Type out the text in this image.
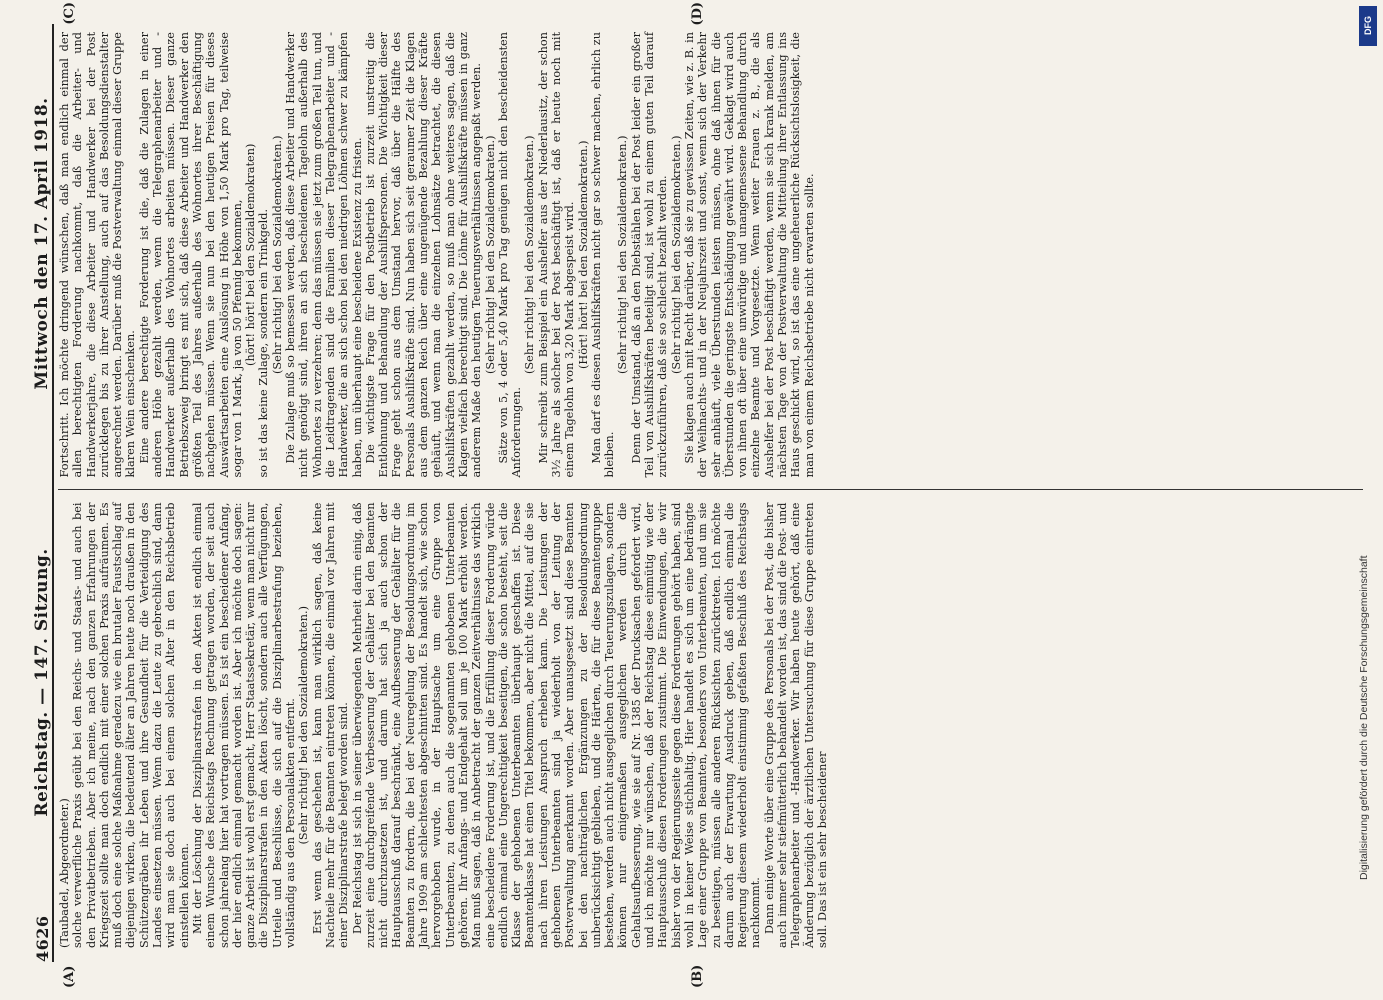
4626
Reichstag. — 147. Sitzung.
Mittwoch den 17. April 1918.
(A)	(B)
(C)	(D)

(Taubadel, Abgeordneter.) solche verwerfliche Praxis geübt bei den Reichs- und Staats- und auch bei den Privatbetrieben. Aber ich meine, nach den ganzen Erfahrungen der Kriegszeit sollte man doch endlich mit einer solchen Praxis aufräumen. Es muß doch eine solche Maßnahme geradezu wie ein brutaler Faustschlag auf diejenigen wirken, die bedeutend älter an Jahren heute noch draußen in den Schützengräben ihr Leben und ihre Gesundheit für die Verteidigung des Landes einsetzen müssen. Wenn dazu die Leute zu gebrechlich sind, dann wird man sie doch auch bei einem solchen Alter in den Reichsbetrieb einstellen können. Mit der Löschung der Disziplinarstrafen in den Akten ist endlich einmal einem Wunsche des Reichstags Rechnung getragen worden, der seit auch schon jahrelang hier hat vortragen müssen. Es ist ein bescheidener Anfang, der hier endlich einmal gemacht worden ist. Aber ich möchte doch sagen: ganze Arbeit ist wohl erst gemacht, Herr Staatssekretär, wenn man nicht nur die Disziplinarstrafen in den Akten löscht, sondern auch alle Verfügungen, Urteile und Beschlüsse, die sich auf die Disziplinarbestrafung beziehen, vollständig aus den Personalakten entfernt. (Sehr richtig! bei den Sozialdemokraten.) Erst wenn das geschehen ist, kann man wirklich sagen, daß keine Nachteile mehr für die Beamten eintreten können, die einmal vor Jahren mit einer Disziplinarstrafe belegt worden sind. Der Reichstag ist sich in seiner überwiegenden Mehrheit darin einig, daß zurzeit eine durchgreifende Verbesserung der Gehälter bei den Beamten nicht durchzusetzen ist, und darum hat sich ja auch schon der Hauptausschuß darauf beschränkt, eine Aufbesserung der Gehälter für die Beamten zu fordern, die bei der Neuregelung der Besoldungsordnung im Jahre 1909 am schlechtesten abgeschnitten sind. Es handelt sich, wie schon hervorgehoben wurde, in der Hauptsache um eine Gruppe von Unterbeamten, zu denen auch die sogenannten gehobenen Unterbeamten gehören. Ihr Anfangs- und Endgehalt soll um je 100 Mark erhöht werden. Man muß sagen, daß in Anbetracht der ganzen Zeitverhältnisse das wirklich eine bescheidene Forderung ist, und die Erfüllung dieser Forderung würde endlich einmal eine Ungerechtigkeit beseitigen, die schon besteht, seit die Klasse der gehobenen Unterbeamten überhaupt geschaffen ist. Diese Beamtenklasse hat einen Titel bekommen, aber nicht die Mittel, auf die sie nach ihren Leistungen Anspruch erheben kann. Die Leistungen der gehobenen Unterbeamten sind ja wiederholt von der Leitung der Postverwaltung anerkannt worden. Aber unausgesetzt sind diese Beamten bei den nachträglichen Ergänzungen zu der Besoldungsordnung unberücksichtigt geblieben, und die Härten, die für diese Beamtengruppe bestehen, werden auch nicht ausgeglichen durch Teuerungszulagen, sondern können nur einigermaßen ausgeglichen werden durch die Gehaltsaufbesserung, wie sie auf Nr. 1385 der Drucksachen gefordert wird, und ich möchte nur wünschen, daß der Reichstag diese einmütig wie der Hauptausschuß diesen Forderungen zustimmt. Die Einwendungen, die wir bisher von der Regierungsseite gegen diese Forderungen gehört haben, sind wohl in keiner Weise stichhaltig. Hier handelt es sich um eine bedrängte Lage einer Gruppe von Beamten, besonders von Unterbeamten, und um sie zu beseitigen, müssen alle anderen Rücksichten zurücktreten. Ich möchte darum auch der Erwartung Ausdruck geben, daß endlich einmal die Regierung diesem wiederholt einstimmig gefaßten Beschluß des Reichstags nachkommt. Dann einige Worte über eine Gruppe des Personals bei der Post, die bisher auch immer sehr stiefmütterlich behandelt worden ist, das sind die Post- und Telegraphenarbeiter und -Handwerker. Wir haben heute gehört, daß eine Änderung bezüglich der ärztlichen Untersuchung für diese Gruppe eintreten soll. Das ist ein sehr bescheidener

Fortschritt. Ich möchte dringend wünschen, daß man endlich einmal der allen berechtigten Forderung nachkommt, daß die Arbeiter- und Handwerkerjahre, die diese Arbeiter und Handwerker bei der Post zurücklegen bis zu ihrer Anstellung, auch auf das Besoldungsdienstalter angerechnet werden. Darüber muß die Postverwaltung einmal dieser Gruppe klaren Wein einschenken. Eine andere berechtigte Forderung ist die, daß die Zulagen in einer anderen Höhe gezahlt werden, wenn die Telegraphenarbeiter und -Handwerker außerhalb des Wohnortes arbeiten müssen. Dieser ganze Betriebszweig bringt es mit sich, daß diese Arbeiter und Handwerker den größten Teil des Jahres außerhalb des Wohnortes ihrer Beschäftigung nachgehen müssen. Wenn sie nun bei den heutigen Preisen für dieses Auswärtsarbeiten eine Auslösung in Höhe von 1,50 Mark pro Tag, teilweise sogar von 1 Mark, ja von 50 Pfennig bekommen, (hört! hört! bei den Sozialdemokraten) so ist das keine Zulage, sondern ein Trinkgeld. (Sehr richtig! bei den Sozialdemokraten.) Die Zulage muß so bemessen werden, daß diese Arbeiter und Handwerker nicht genötigt sind, ihren an sich bescheidenen Tagelohn außerhalb des Wohnortes zu verzehren; denn das müssen sie jetzt zum großen Teil tun, und die Leidtragenden sind die Familien dieser Telegraphenarbeiter und -Handwerker, die an sich schon bei den niedrigen Löhnen schwer zu kämpfen haben, um überhaupt eine bescheidene Existenz zu fristen. Die wichtigste Frage für den Postbetrieb ist zurzeit unstreitig die Entlohnung und Behandlung der Aushilfspersonen. Die Wichtigkeit dieser Frage geht schon aus dem Umstand hervor, daß über die Hälfte des Personals Aushilfskräfte sind. Nun haben sich seit geraumer Zeit die Klagen aus dem ganzen Reich über eine ungenügende Bezahlung dieser Kräfte gehäuft, und wenn man die einzelnen Lohnsätze betrachtet, die diesen Aushilfskräften gezahlt werden, so muß man ohne weiteres sagen, daß die Klagen vielfach berechtigt sind. Die Löhne für Aushilfskräfte müssen in ganz anderem Maße den heutigen Teuerungsverhältnissen angepaßt werden. (Sehr richtig! bei den Sozialdemokraten.) Sätze von 5, 4 oder 5,40 Mark pro Tag genügen nicht den bescheidensten Anforderungen.

(Sehr richtig! bei den Sozialdemokraten.) Mir schreibt zum Beispiel ein Aushelfer aus der Niederlausitz, der schon 3½ Jahre als solcher bei der Post beschäftigt ist, daß er heute noch mit einem Tagelohn von 3,20 Mark abgespeist wird. (Hört! hört! bei den Sozialdemokraten.) Man darf es diesen Aushilfskräften nicht gar so schwer machen, ehrlich zu bleiben.

(Sehr richtig! bei den Sozialdemokraten.) Denn der Umstand, daß an den Diebstählen bei der Post leider ein großer Teil von Aushilfskräften beteiligt sind, ist wohl zu einem guten Teil darauf zurückzuführen, daß sie so schlecht bezahlt werden. (Sehr richtig! bei den Sozialdemokraten.) Sie klagen auch mit Recht darüber, daß sie zu gewissen Zeiten, wie z. B. in der Weihnachts- und in der Neujahrszeit und sonst, wenn sich der Verkehr sehr anhäuft, viele Überstunden leisten müssen, ohne daß ihnen für die Überstunden die geringste Entschädigung gewährt wird. Geklagt wird auch von ihnen oft über eine unwürdige und unangemessene Behandlung durch einzelne Beamte und Vorgesetzte. Wenn weiter Frauen z. B., die als Aushelfer bei der Post beschäftigt werden, wenn sie sich krank melden, am nächsten Tage von der Postverwaltung die Mitteilung ihrer Entlassung ins Haus geschickt wird, so ist das eine ungeheuerliche Rücksichtslosigkeit, die man von einem Reichsbetriebe nicht erwarten sollte.

DFG
Digitalisierung gefördert durch die Deutsche Forschungsgemeinschaft
